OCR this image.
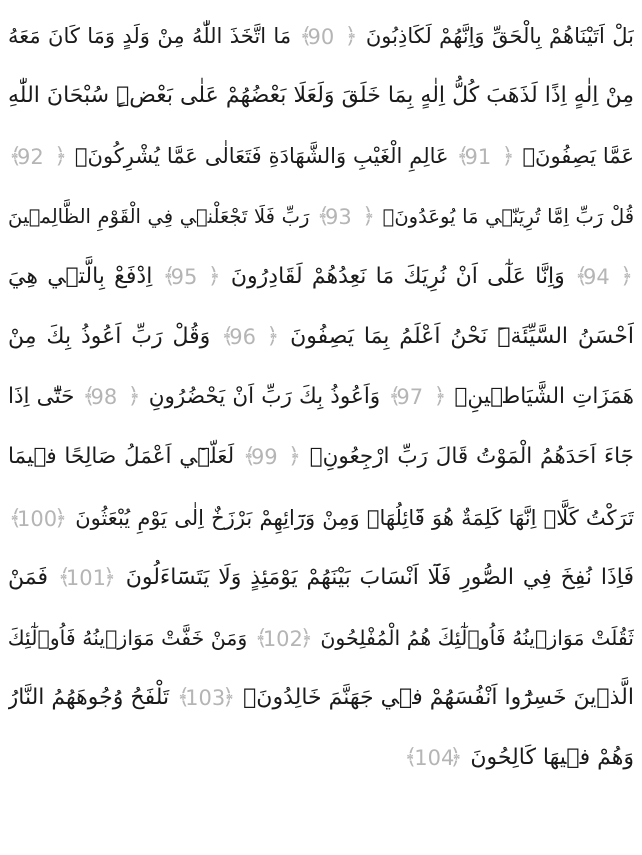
بَلْ اَتَيْنَاهُمْ بِالْحَقِّ وَاِنَّهُمْ لَكَاذِبُونَ ﴾ 90 ﴿ مَا اتَّخَذَ اللّٰهُ مِنْ وَلَدٍ وَمَا كَانَ مَعَهُ
مِنْ اِلٰهٍ اِذًا لَذَهَبَ كُلُّ اِلٰهٍ بِمَا خَلَقَ وَلَعَلَا بَعْضُهُمْ عَلٰى بَعْضٍۜ سُبْحَانَ اللّٰهِ
عَمَّا يَصِفُونَۙ ﴾ 91 ﴿ عَالِمِ الْغَيْبِ وَالشَّهَادَةِ فَتَعَالٰى عَمَّا يُشْرِكُونَ۟ ﴾ 92 ﴿
قُلْ رَبِّ اِمَّا تُرِيَنّ۪ي مَا يُوعَدُونَۙ ﴾ 93 ﴿ رَبِّ فَلَا تَجْعَلْن۪ي فِي الْقَوْمِ الظَّالِم۪ينَ
﴾ 94 ﴿ وَاِنَّا عَلٰٓى اَنْ نُرِيَكَ مَا نَعِدُهُمْ لَقَادِرُونَ ﴾ 95 ﴿ اِدْفَعْ بِالَّت۪ي هِيَ
اَحْسَنُ السَّيِّئَةَۜ نَحْنُ اَعْلَمُ بِمَا يَصِفُونَ ﴾ 96 ﴿ وَقُلْ رَبِّ اَعُوذُ بِكَ مِنْ
هَمَزَاتِ الشَّيَاط۪ينِۙ ﴾ 97 ﴿ وَاَعُوذُ بِكَ رَبِّ اَنْ يَحْضُرُونِ ﴾ 98 ﴿ حَتّٰٓى اِذَا
جَٓاءَ اَحَدَهُمُ الْمَوْتُ قَالَ رَبِّ ارْجِعُونِۙ ﴾ 99 ﴿ لَعَلّ۪ٓي اَعْمَلُ صَالِحًا ف۪يمَا
تَرَكْتُ كَلَّاۜ اِنَّهَا كَلِمَةٌ هُوَ قَٓائِلُهَاۜ وَمِنْ وَرَٓائِهِمْ بَرْزَخٌ اِلٰى يَوْمِ يُبْعَثُونَ ﴾ 100 ﴿
فَاِذَا نُفِخَ فِي الصُّورِ فَلَٓا اَنْسَابَ بَيْنَهُمْ يَوْمَئِذٍ وَلَا يَتَسَٓاءَلُونَ ﴾ 101 ﴿ فَمَنْ
ثَقُلَتْ مَوَاز۪ينُهُ فَاُو۬لٰٓئِكَ هُمُ الْمُفْلِحُونَ ﴾ 102 ﴿ وَمَنْ خَفَّتْ مَوَاز۪ينُهُ فَاُو۬لٰٓئِكَ
الَّذ۪ينَ خَسِرُٓوا اَنْفُسَهُمْ ف۪ي جَهَنَّمَ خَالِدُونَۚ ﴾ 103 ﴿ تَلْفَحُ وُجُوهَهُمُ النَّارُ
وَهُمْ ف۪يهَا كَالِحُونَ ﴾ 104 ﴿
